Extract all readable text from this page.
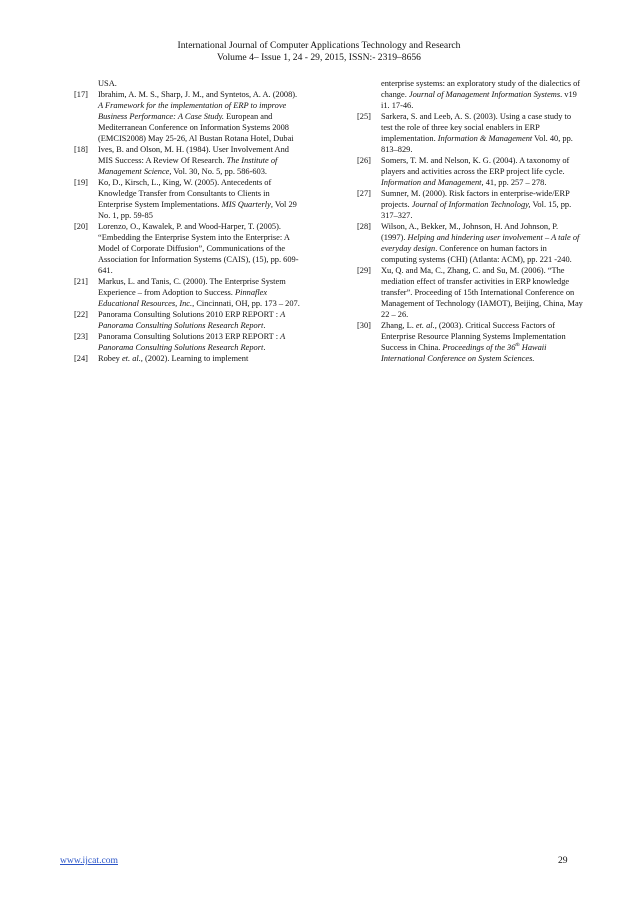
International Journal of Computer Applications Technology and Research
Volume 4– Issue 1, 24 - 29, 2015, ISSN:- 2319–8656
USA.
[17] Ibrahim, A. M. S., Sharp, J. M., and Syntetos, A. A. (2008). A Framework for the implementation of ERP to improve Business Performance: A Case Study. European and Mediterranean Conference on Information Systems 2008 (EMCIS2008) May 25-26, Al Bustan Rotana Hotel, Dubai
[18] Ives, B. and Olson, M. H. (1984). User Involvement And MIS Success: A Review Of Research. The Institute of Management Science, Vol. 30, No. 5, pp. 586-603.
[19] Ko, D., Kirsch, L., King, W. (2005). Antecedents of Knowledge Transfer from Consultants to Clients in Enterprise System Implementations. MIS Quarterly, Vol 29 No. 1, pp. 59-85
[20] Lorenzo, O., Kawalek, P. and Wood-Harper, T. (2005). “Embedding the Enterprise System into the Enterprise: A Model of Corporate Diffusion”, Communications of the Association for Information Systems (CAIS), (15), pp. 609-641.
[21] Markus, L. and Tanis, C. (2000). The Enterprise System Experience – from Adoption to Success. Pinnaflex Educational Resources, Inc., Cincinnati, OH, pp. 173 – 207.
[22] Panorama Consulting Solutions 2010 ERP REPORT : A Panorama Consulting Solutions Research Report.
[23] Panorama Consulting Solutions 2013 ERP REPORT : A Panorama Consulting Solutions Research Report.
[24] Robey et. al., (2002). Learning to implement
enterprise systems: an exploratory study of the dialectics of change. Journal of Management Information Systems. v19 i1. 17-46.
[25] Sarkera, S. and Leeb, A. S. (2003). Using a case study to test the role of three key social enablers in ERP implementation. Information & Management Vol. 40, pp. 813–829.
[26] Somers, T. M. and Nelson, K. G. (2004). A taxonomy of players and activities across the ERP project life cycle. Information and Management, 41, pp. 257 – 278.
[27] Sumner, M. (2000). Risk factors in enterprise-wide/ERP projects. Journal of Information Technology, Vol. 15, pp. 317–327.
[28] Wilson, A., Bekker, M., Johnson, H. And Johnson, P. (1997). Helping and hindering user involvement – A tale of everyday design. Conference on human factors in computing systems (CHI) (Atlanta: ACM), pp. 221 -240.
[29] Xu, Q. and Ma, C., Zhang, C. and Su, M. (2006). “The mediation effect of transfer activities in ERP knowledge transfer”. Proceeding of 15th International Conference on Management of Technology (IAMOT), Beijing, China, May 22 – 26.
[30] Zhang, L. et. al., (2003). Critical Success Factors of Enterprise Resource Planning Systems Implementation Success in China. Proceedings of the 36th Hawaii International Conference on System Sciences.
www.ijcat.com	29
